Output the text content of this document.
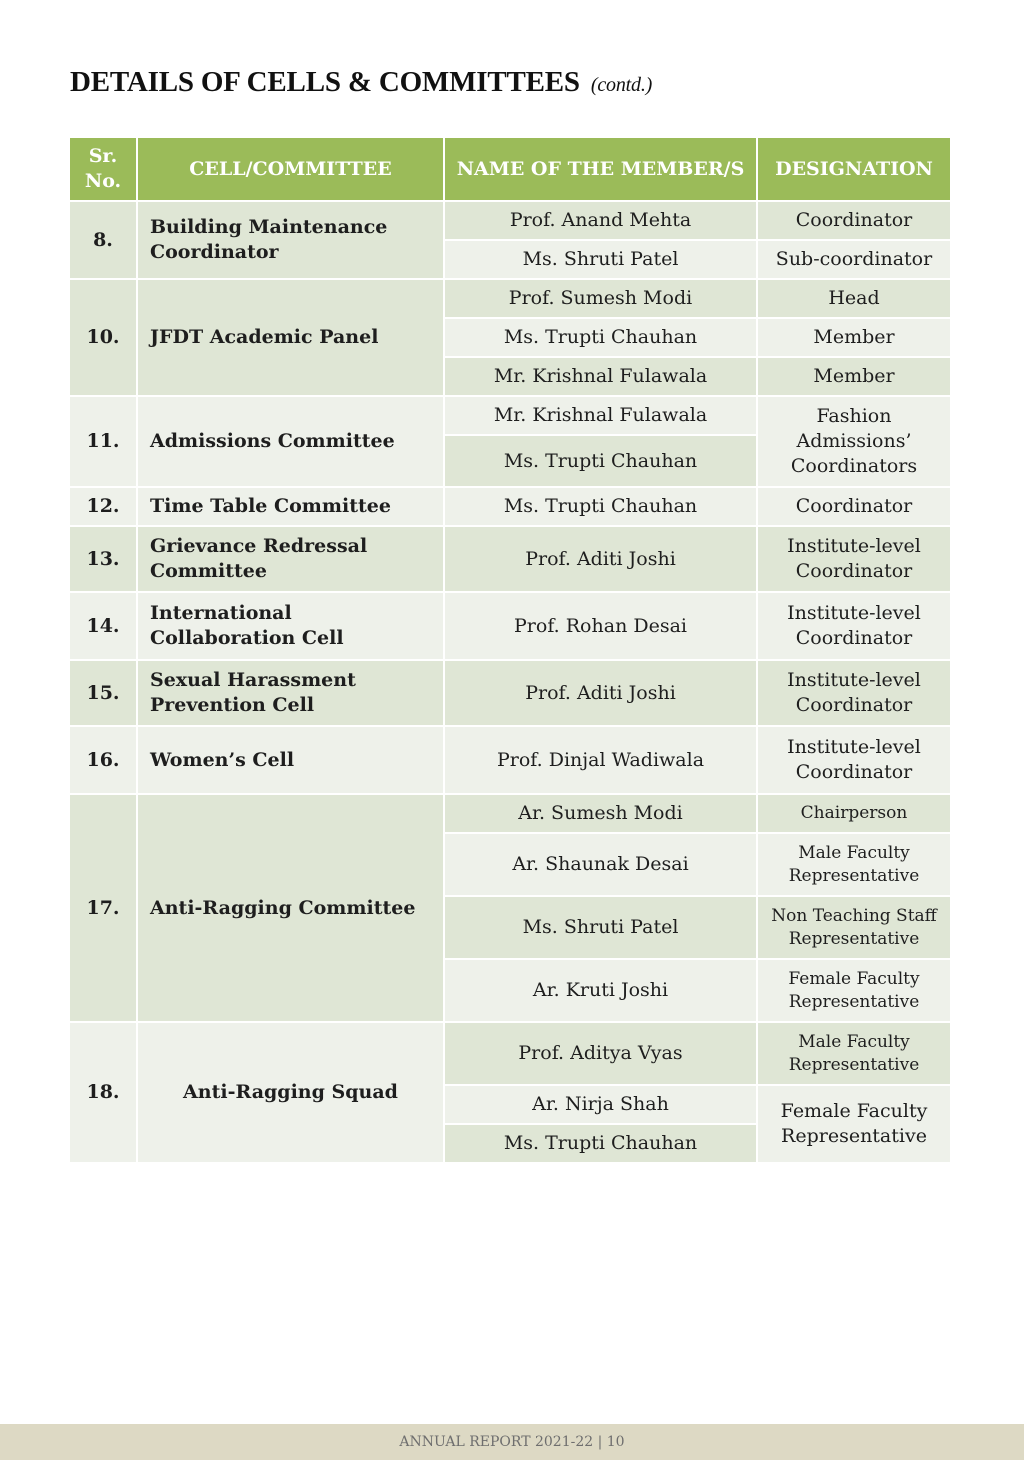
DETAILS OF CELLS & COMMITTEES (contd.)
Sr.
No.	CELL/COMMITTEE	NAME OF THE MEMBER/S	DESIGNATION
8.	Building Maintenance Coordinator	Prof. Anand Mehta	Coordinator
		Ms. Shruti Patel	Sub-coordinator
10.	JFDT Academic Panel	Prof. Sumesh Modi	Head
		Ms. Trupti Chauhan	Member
		Mr. Krishnal Fulawala	Member
11.	Admissions Committee	Mr. Krishnal Fulawala	Fashion Admissions’ Coordinators
		Ms. Trupti Chauhan	
12.	Time Table Committee	Ms. Trupti Chauhan	Coordinator
13.	Grievance Redressal Committee	Prof. Aditi Joshi	Institute-level Coordinator
14.	International Collaboration Cell	Prof. Rohan Desai	Institute-level Coordinator
15.	Sexual Harassment Prevention Cell	Prof. Aditi Joshi	Institute-level Coordinator
16.	Women’s Cell	Prof. Dinjal Wadiwala	Institute-level Coordinator
17.	Anti-Ragging Committee	Ar. Sumesh Modi	Chairperson
		Ar. Shaunak Desai	Male Faculty Representative
		Ms. Shruti Patel	Non Teaching Staff Representative
		Ar. Kruti Joshi	Female Faculty Representative
18.	Anti-Ragging Squad	Prof. Aditya Vyas	Male Faculty Representative
		Ar. Nirja Shah	Female Faculty Representative
		Ms. Trupti Chauhan	
ANNUAL REPORT 2021-22 | 10
